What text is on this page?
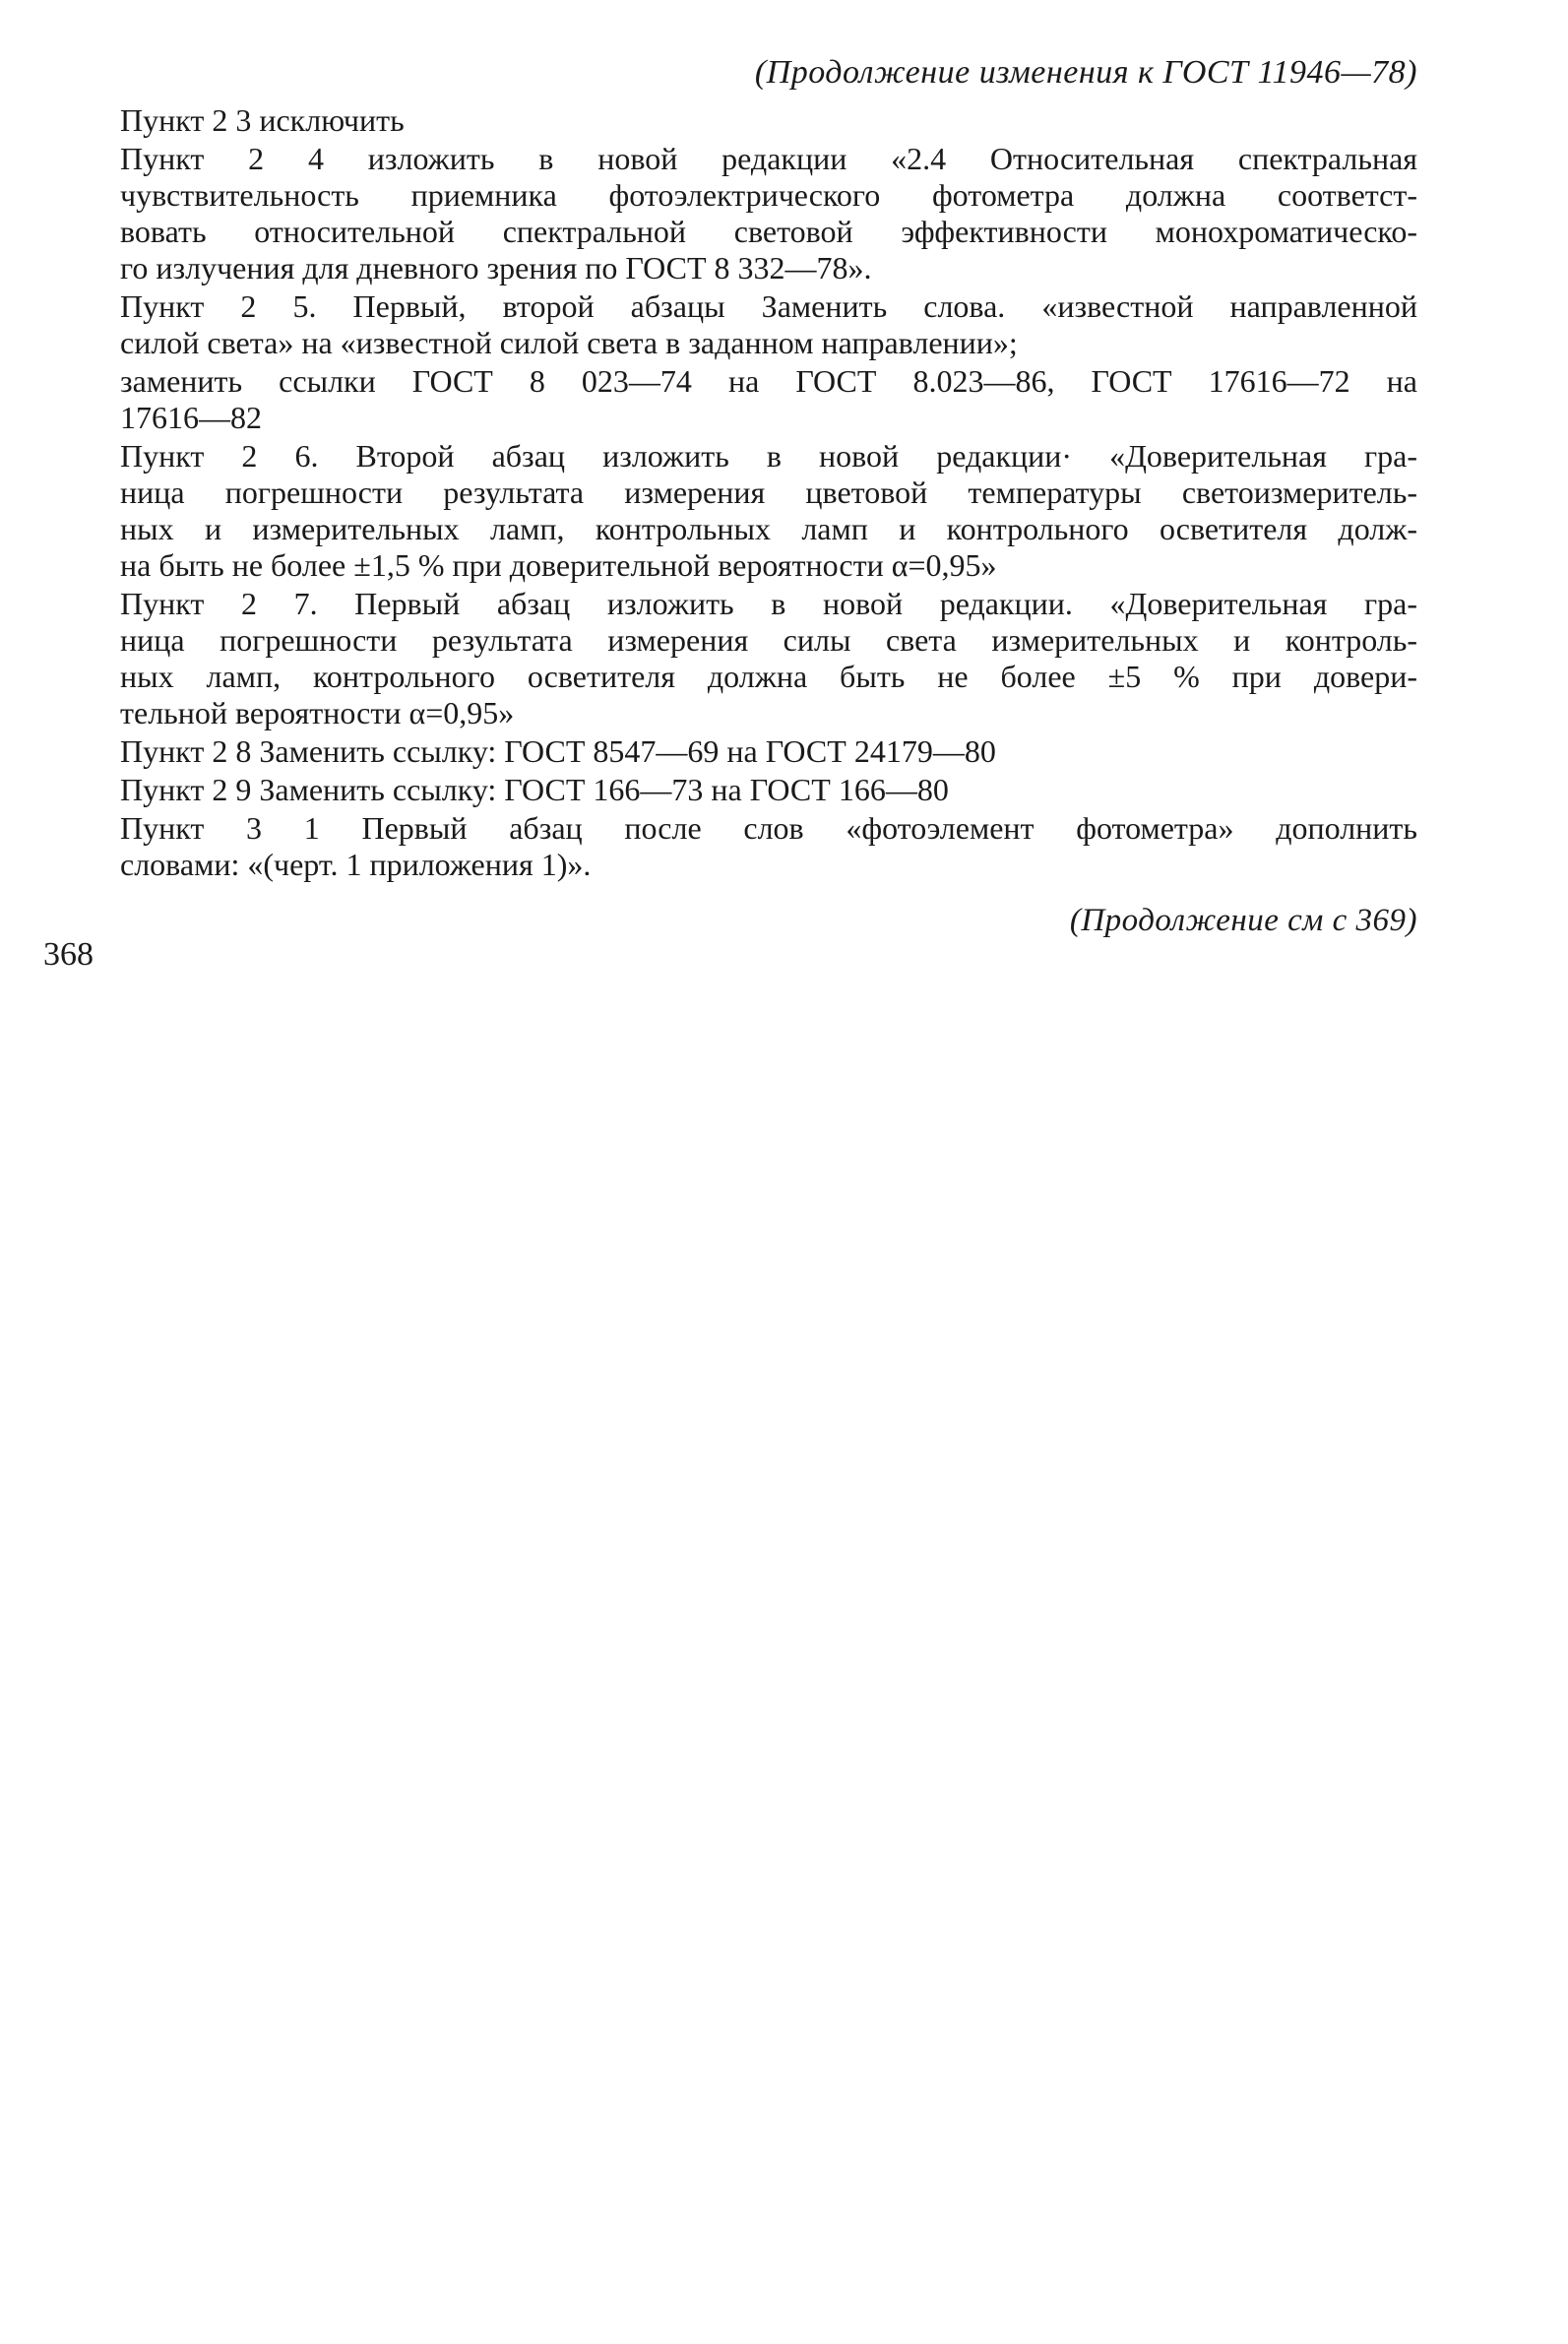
(Продолжение изменения к ГОСТ 11946—78)
Пункт 2 3 исключить
Пункт 2 4 изложить в новой редакции «2.4 Относительная спектральная
чувствительность приемника фотоэлектрического фотометра должна соответст-
вовать относительной спектральной световой эффективности монохроматическо-
го излучения для дневного зрения по ГОСТ 8 332—78».
Пункт 2 5. Первый, второй абзацы Заменить слова. «известной направленной
силой света» на «известной силой света в заданном направлении»;
заменить ссылки ГОСТ 8 023—74 на ГОСТ 8.023—86, ГОСТ 17616—72 на
17616—82
Пункт 2 6. Второй абзац изложить в новой редакции· «Доверительная гра-
ница погрешности результата измерения цветовой температуры светоизмеритель-
ных и измерительных ламп, контрольных ламп и контрольного осветителя долж-
на быть не более ±1,5 % при доверительной вероятности α=0,95»
Пункт 2 7. Первый абзац изложить в новой редакции. «Доверительная гра-
ница погрешности результата измерения силы света измерительных и контроль-
ных ламп, контрольного осветителя должна быть не более ±5 % при довери-
тельной вероятности α=0,95»
Пункт 2 8 Заменить ссылку: ГОСТ 8547—69 на ГОСТ 24179—80
Пункт 2 9 Заменить ссылку: ГОСТ 166—73 на ГОСТ 166—80
Пункт 3 1 Первый абзац после слов «фотоэлемент фотометра» дополнить
словами: «(черт. 1 приложения 1)».
(Продолжение см с 369)
368
